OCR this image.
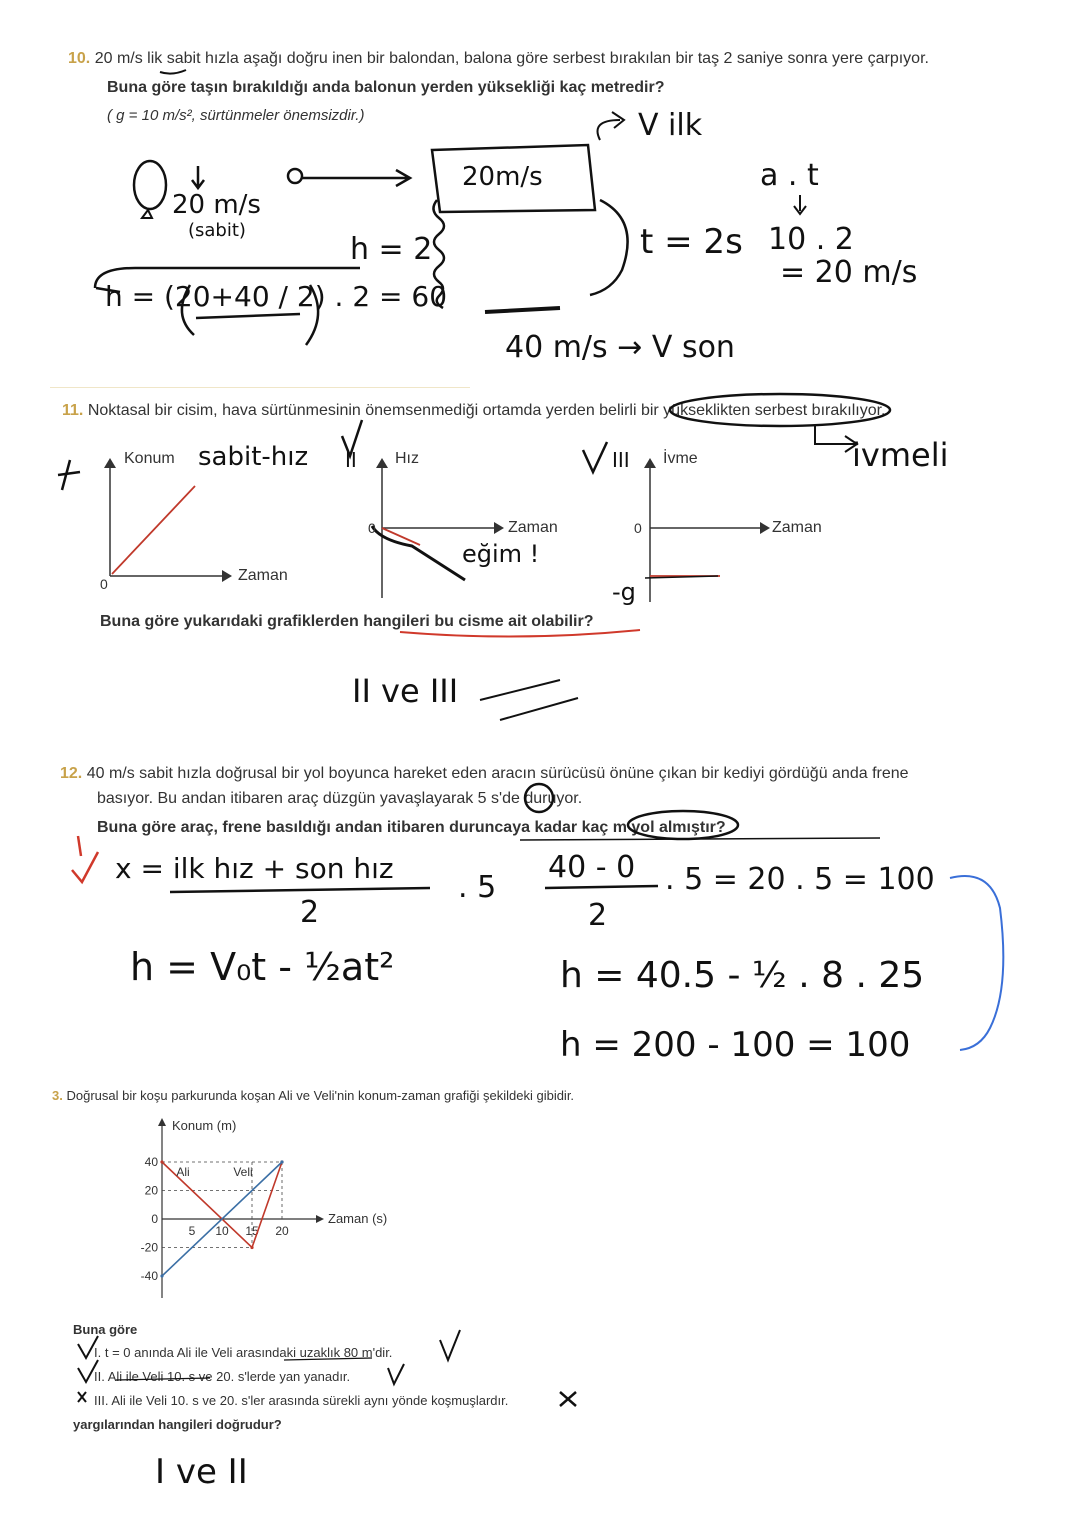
10. 20 m/s lik sabit hızla aşağı doğru inen bir balondan, balona göre serbest bırakılan bir taş 2 saniye sonra yere çarpıyor.
Buna göre taşın bırakıldığı anda balonun yerden yüksekliği kaç metredir?
( g = 10 m/s², sürtünmeler önemsizdir.)
20 m/s
(sabit)
20m/s
V ilk
a . t
t = 2s 10 . 2
= 20 m/s
h = 2
h = (20+40 / 2) . 2 = 60
40 m/s → V son
11. Noktasal bir cisim, hava sürtünmesinin önemsenmediği ortamda yerden belirli bir yükseklikten serbest bırakılıyor.
Konum
Zaman
0
sabit-hız II Hız
Zaman
0
eğim !
İvme
Zaman
0
-g
III	ivmeli
Buna göre yukarıdaki grafiklerden hangileri bu cisme ait olabilir?
II ve III
12. 40 m/s sabit hızla doğrusal bir yol boyunca hareket eden aracın sürücüsü önüne çıkan bir kediyi gördüğü anda frene
basıyor. Bu andan itibaren araç düzgün yavaşlayarak 5 s'de duruyor.
Buna göre araç, frene basıldığı andan itibaren duruncaya kadar kaç m yol almıştır?
x = ilk hız + son hız
2
. 5
40 - 0
2
. 5 = 20 . 5 = 100
h = V₀t - ½at²	h = 40.5 - ½ . 8 . 25
h = 200 - 100 = 100
3. Doğrusal bir koşu parkurunda koşan Ali ve Veli'nin konum-zaman grafiği şekildeki gibidir.
Konum (m)
Zaman (s)
40
20
0
-20
-40
5 10 15 20
Ali	Veli
Buna göre
I. t = 0 anında Ali ile Veli arasındaki uzaklık 80 m'dir.
II. Ali ile Veli 10. s ve 20. s'lerde yan yanadır.
III. Ali ile Veli 10. s ve 20. s'ler arasında sürekli aynı yönde koşmuşlardır.
yargılarından hangileri doğrudur?
I ve II
